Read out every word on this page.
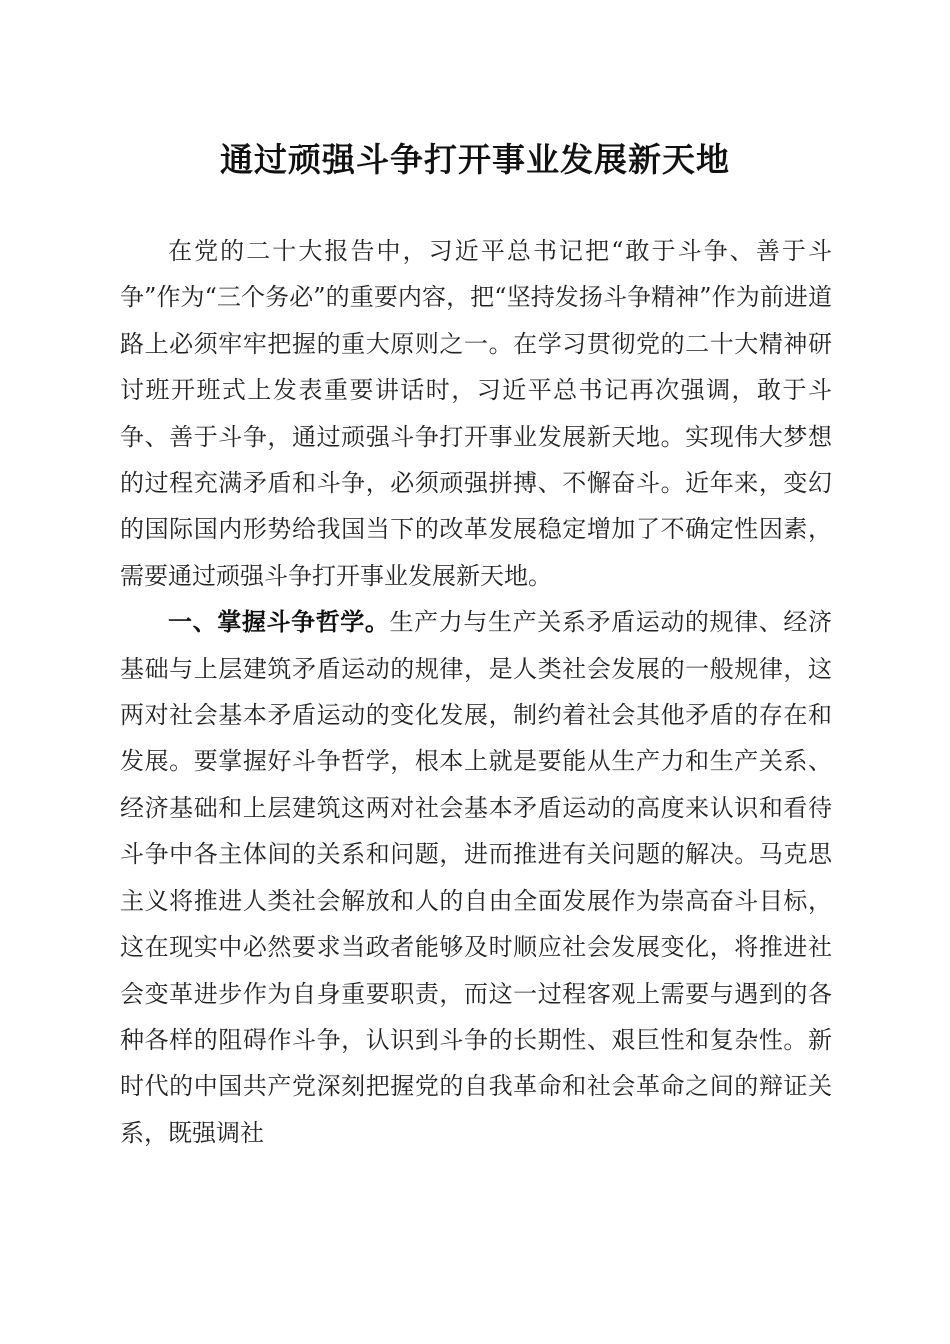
通过顽强斗争打开事业发展新天地

在党的二十大报告中，习近平总书记把“敢于斗争、善于斗争”作为“三个务必”的重要内容，把“坚持发扬斗争精神”作为前进道路上必须牢牢把握的重大原则之一。在学习贯彻党的二十大精神研讨班开班式上发表重要讲话时，习近平总书记再次强调，敢于斗争、善于斗争，通过顽强斗争打开事业发展新天地。实现伟大梦想的过程充满矛盾和斗争，必须顽强拼搏、不懈奋斗。近年来，变幻的国际国内形势给我国当下的改革发展稳定增加了不确定性因素，需要通过顽强斗争打开事业发展新天地。

一、掌握斗争哲学。生产力与生产关系矛盾运动的规律、经济基础与上层建筑矛盾运动的规律，是人类社会发展的一般规律，这两对社会基本矛盾运动的变化发展，制约着社会其他矛盾的存在和发展。要掌握好斗争哲学，根本上就是要能从生产力和生产关系、经济基础和上层建筑这两对社会基本矛盾运动的高度来认识和看待斗争中各主体间的关系和问题，进而推进有关问题的解决。马克思主义将推进人类社会解放和人的自由全面发展作为崇高奋斗目标，这在现实中必然要求当政者能够及时顺应社会发展变化，将推进社会变革进步作为自身重要职责，而这一过程客观上需要与遇到的各种各样的阻碍作斗争，认识到斗争的长期性、艰巨性和复杂性。新时代的中国共产党深刻把握党的自我革命和社会革命之间的辩证关系，既强调社
